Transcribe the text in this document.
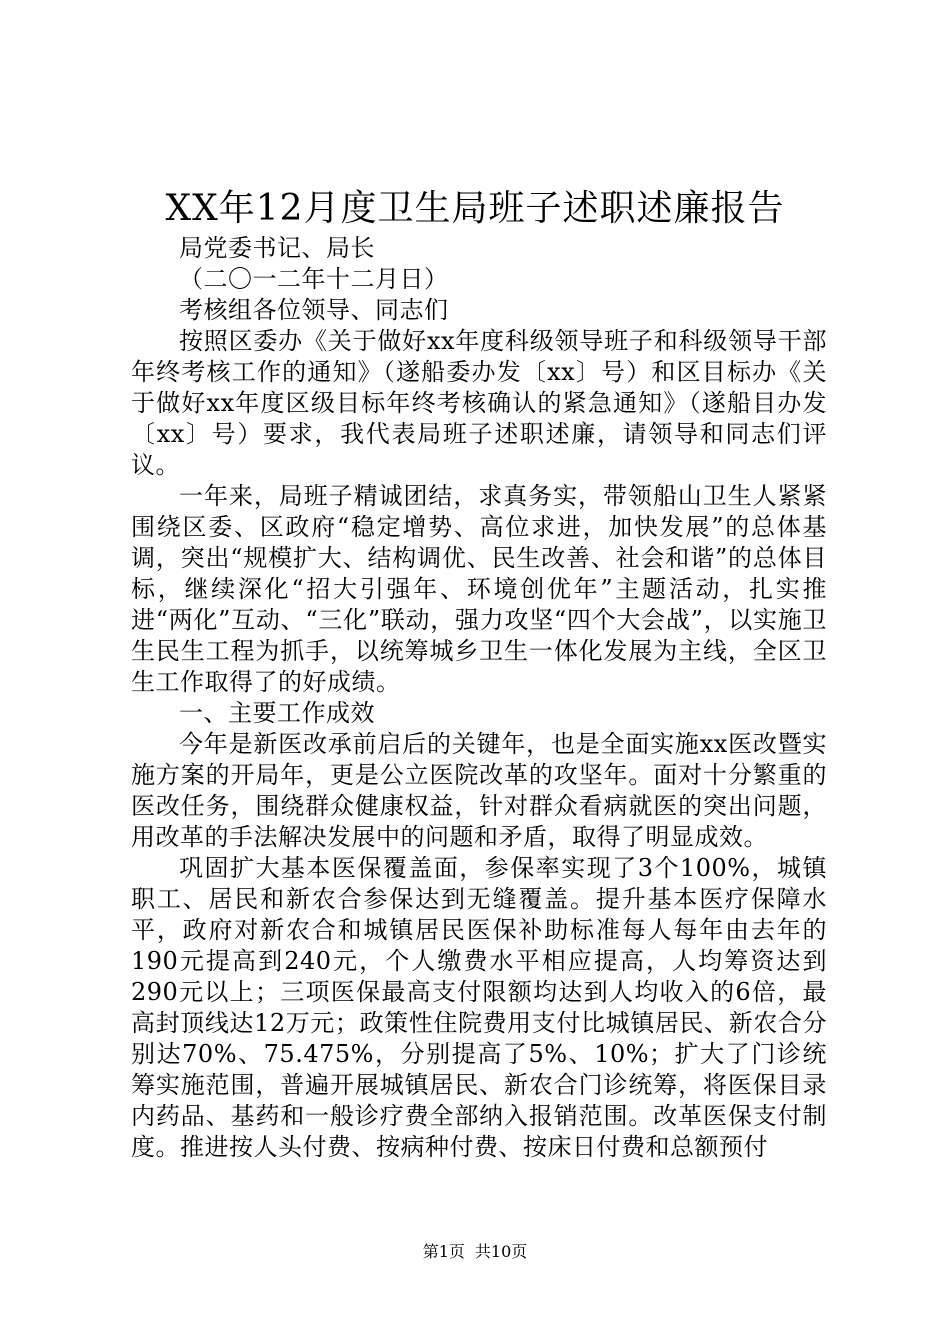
XX年12月度卫生局班子述职述廉报告

局党委书记、局长

（二〇一二年十二月日）

考核组各位领导、同志们

按照区委办《关于做好xx年度科级领导班子和科级领导干部年终考核工作的通知》（遂船委办发〔xx〕号）和区目标办《关于做好xx年度区级目标年终考核确认的紧急通知》（遂船目办发〔xx〕号）要求，我代表局班子述职述廉，请领导和同志们评议。

一年来，局班子精诚团结，求真务实，带领船山卫生人紧紧围绕区委、区政府“稳定增势、高位求进，加快发展”的总体基调，突出“规模扩大、结构调优、民生改善、社会和谐”的总体目标，继续深化“招大引强年、环境创优年”主题活动，扎实推进“两化”互动、“三化”联动，强力攻坚“四个大会战”，以实施卫生民生工程为抓手，以统筹城乡卫生一体化发展为主线，全区卫生工作取得了的好成绩。

一、主要工作成效

今年是新医改承前启后的关键年，也是全面实施xx医改暨实施方案的开局年，更是公立医院改革的攻坚年。面对十分繁重的医改任务，围绕群众健康权益，针对群众看病就医的突出问题，用改革的手法解决发展中的问题和矛盾，取得了明显成效。

巩固扩大基本医保覆盖面，参保率实现了3个100%，城镇职工、居民和新农合参保达到无缝覆盖。提升基本医疗保障水平，政府对新农合和城镇居民医保补助标准每人每年由去年的190元提高到240元，个人缴费水平相应提高，人均筹资达到290元以上；三项医保最高支付限额均达到人均收入的6倍，最高封顶线达12万元；政策性住院费用支付比城镇居民、新农合分别达70%、75.475%，分别提高了5%、10%；扩大了门诊统筹实施范围，普遍开展城镇居民、新农合门诊统筹，将医保目录内药品、基药和一般诊疗费全部纳入报销范围。改革医保支付制度。推进按人头付费、按病种付费、按床日付费和总额预付

第1页 共10页
